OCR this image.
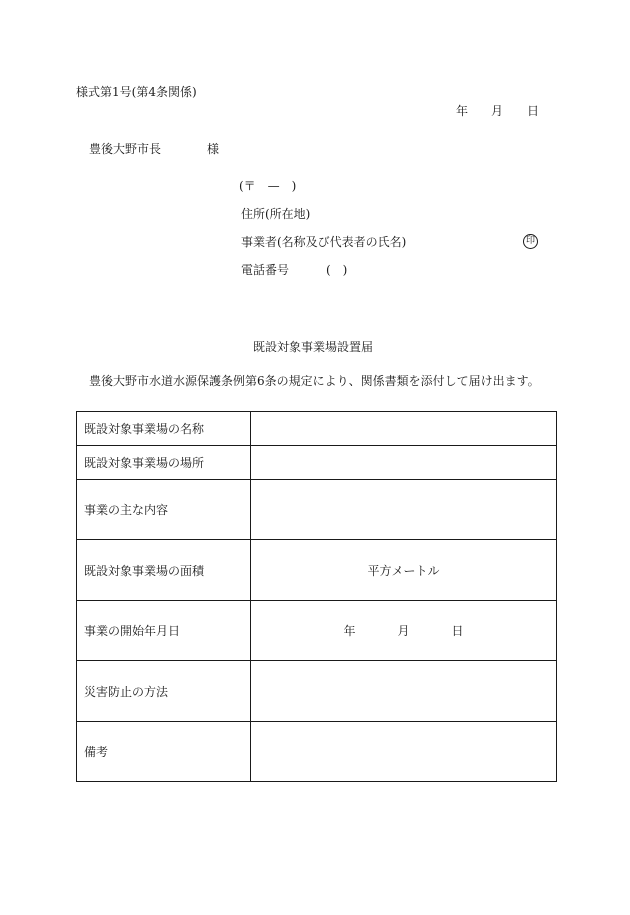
様式第1号(第4条関係)
年 月 日
豊後大野市長	様
(〒　—　)
住所(所在地)
事業者(名称及び代表者の氏名)	印
電話番号	(　)
既設対象事業場設置届
豊後大野市水道水源保護条例第6条の規定により、関係書類を添付して届け出ます。
既設対象事業場の名称	
既設対象事業場の場所	
事業の主な内容	
既設対象事業場の面積	平方メートル
事業の開始年月日	年 月 日
災害防止の方法	
備考	
